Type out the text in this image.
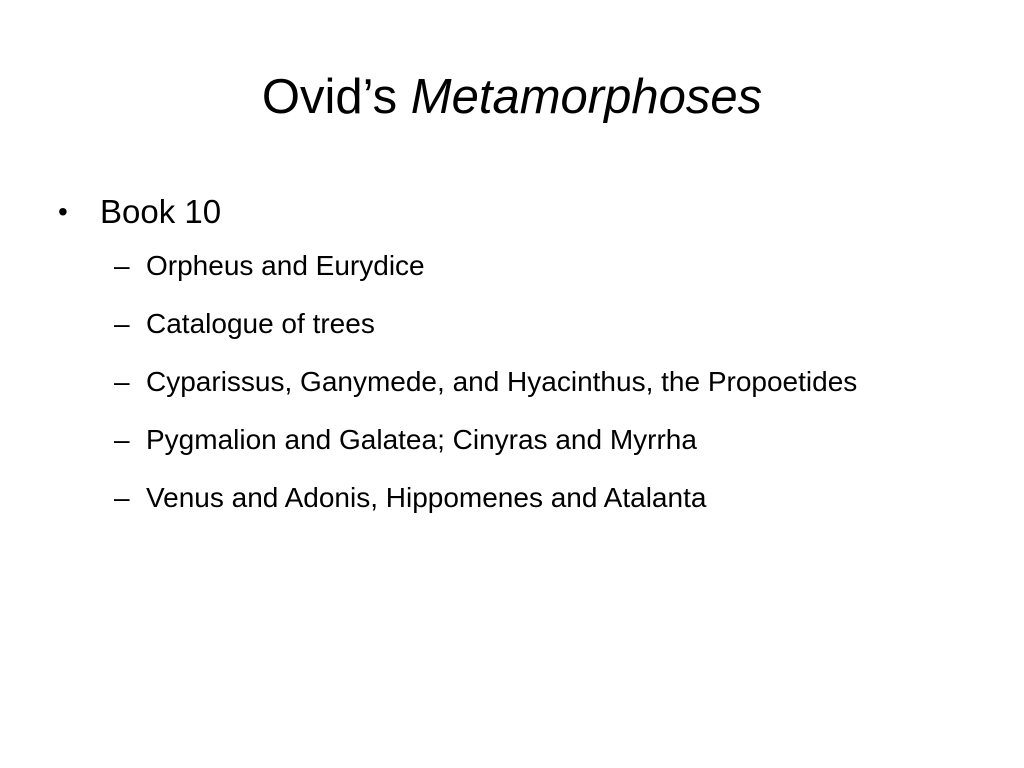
Ovid’s Metamorphoses
• Book 10
– Orpheus and Eurydice
– Catalogue of trees
– Cyparissus, Ganymede, and Hyacinthus, the Propoetides
– Pygmalion and Galatea; Cinyras and Myrrha
– Venus and Adonis, Hippomenes and Atalanta
